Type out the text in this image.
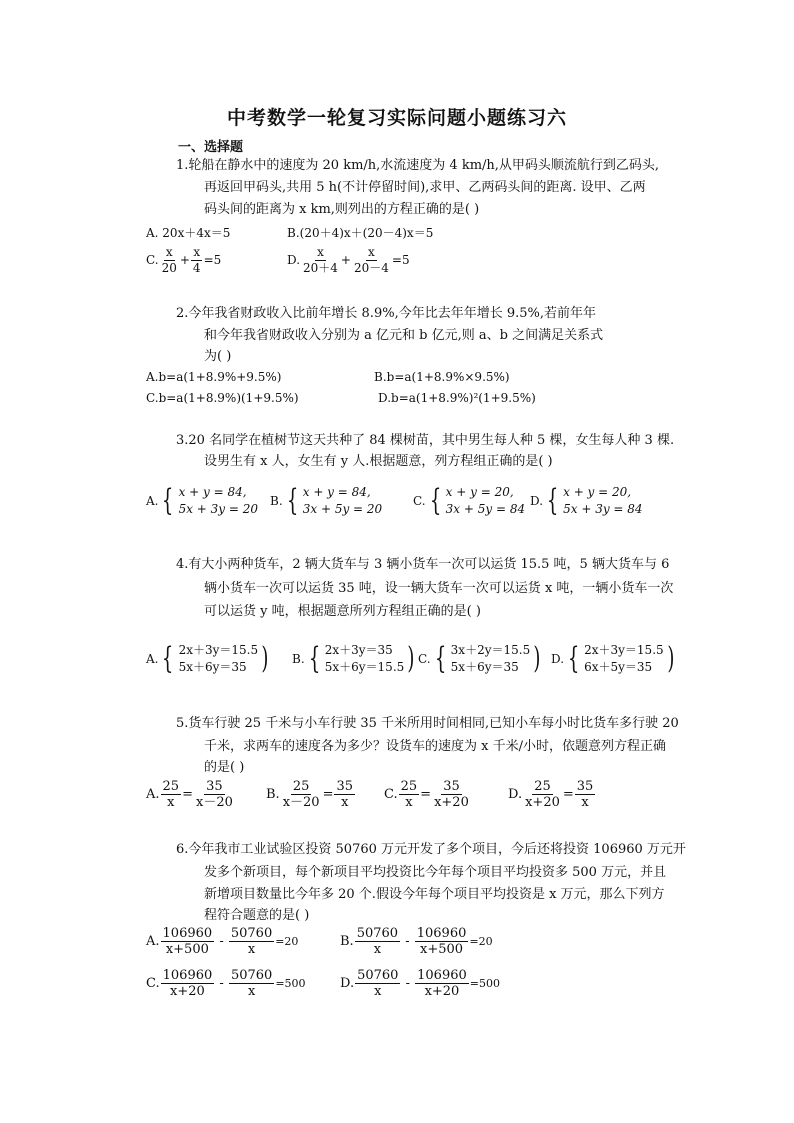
中考数学一轮复习实际问题小题练习六
一、选择题
1.轮船在静水中的速度为 20 km/h,水流速度为 4 km/h,从甲码头顺流航行到乙码头,
再返回甲码头,共用 5 h(不计停留时间),求甲、乙两码头间的距离. 设甲、乙两
码头间的距离为 x km,则列出的方程正确的是( )
A. 20x＋4x＝5	B.(20＋4)x＋(20－4)x＝5
C. $\frac{x}{20} + \frac{x}{4} =5$	D. $\frac{x}{20+4} + \frac{x}{20-4} =5$
2.今年我省财政收入比前年增长 8.9%,今年比去年年增长 9.5%,若前年年
和今年我省财政收入分别为 a 亿元和 b 亿元,则 a、b 之间满足关系式
为( )
A.b=a(1+8.9%+9.5%)	B.b=a(1+8.9%×9.5%)
C.b=a(1+8.9%)(1+9.5%)	D.b=a(1+8.9%)²(1+9.5%)
3.20 名同学在植树节这天共种了 84 棵树苗，其中男生每人种 5 棵，女生每人种 3 棵.
设男生有 x 人，女生有 y 人.根据题意，列方程组正确的是( )
A. { x + y = 84,
5x + 3y = 20
B. { x + y = 84,
3x + 5y = 20
C. { x + y = 20,
3x + 5y = 84
D. { x + y = 20,
5x + 3y = 84
4.有大小两种货车，2 辆大货车与 3 辆小货车一次可以运货 15.5 吨，5 辆大货车与 6
辆小货车一次可以运货 35 吨，设一辆大货车一次可以运货 x 吨，一辆小货车一次
可以运货 y 吨，根据题意所列方程组正确的是( )
A. { 2x＋3y＝15.5
5x＋6y＝35 ) B. { 2x＋3y＝35
5x＋6y＝15.5 ) C. { 3x＋2y＝15.5
5x＋6y＝35 ) D. { 2x＋3y＝15.5
6x＋5y＝35 )
5.货车行驶 25 千米与小车行驶 35 千米所用时间相同,已知小车每小时比货车多行驶 20
千米，求两车的速度各为多少？设货车的速度为 x 千米/小时，依题意列方程正确
的是( )
A. $\frac{25}{x} = \frac{35}{x-20} B$. $\frac{25}{x-20} = \frac{35}{x} C$. $\frac{25}{x} = \frac{35}{x+20}$	D. $\frac{25}{x+20} = \frac{35}{x}$
6.今年我市工业试验区投资 50760 万元开发了多个项目，今后还将投资 106960 万元开
发多个新项目，每个新项目平均投资比今年每个项目平均投资多 500 万元，并且
新增项目数量比今年多 20 个.假设今年每个项目平均投资是 x 万元，那么下列方
程符合题意的是( )
A. $\frac{106960}{x+500} - \frac{50760}{x} =20$	B. $\frac{50760}{x} - \frac{106960}{x+500} =20$
C. $\frac{106960}{x+20} - \frac{50760}{x} =500$	D. $\frac{50760}{x} - \frac{106960}{x+20} =500$
